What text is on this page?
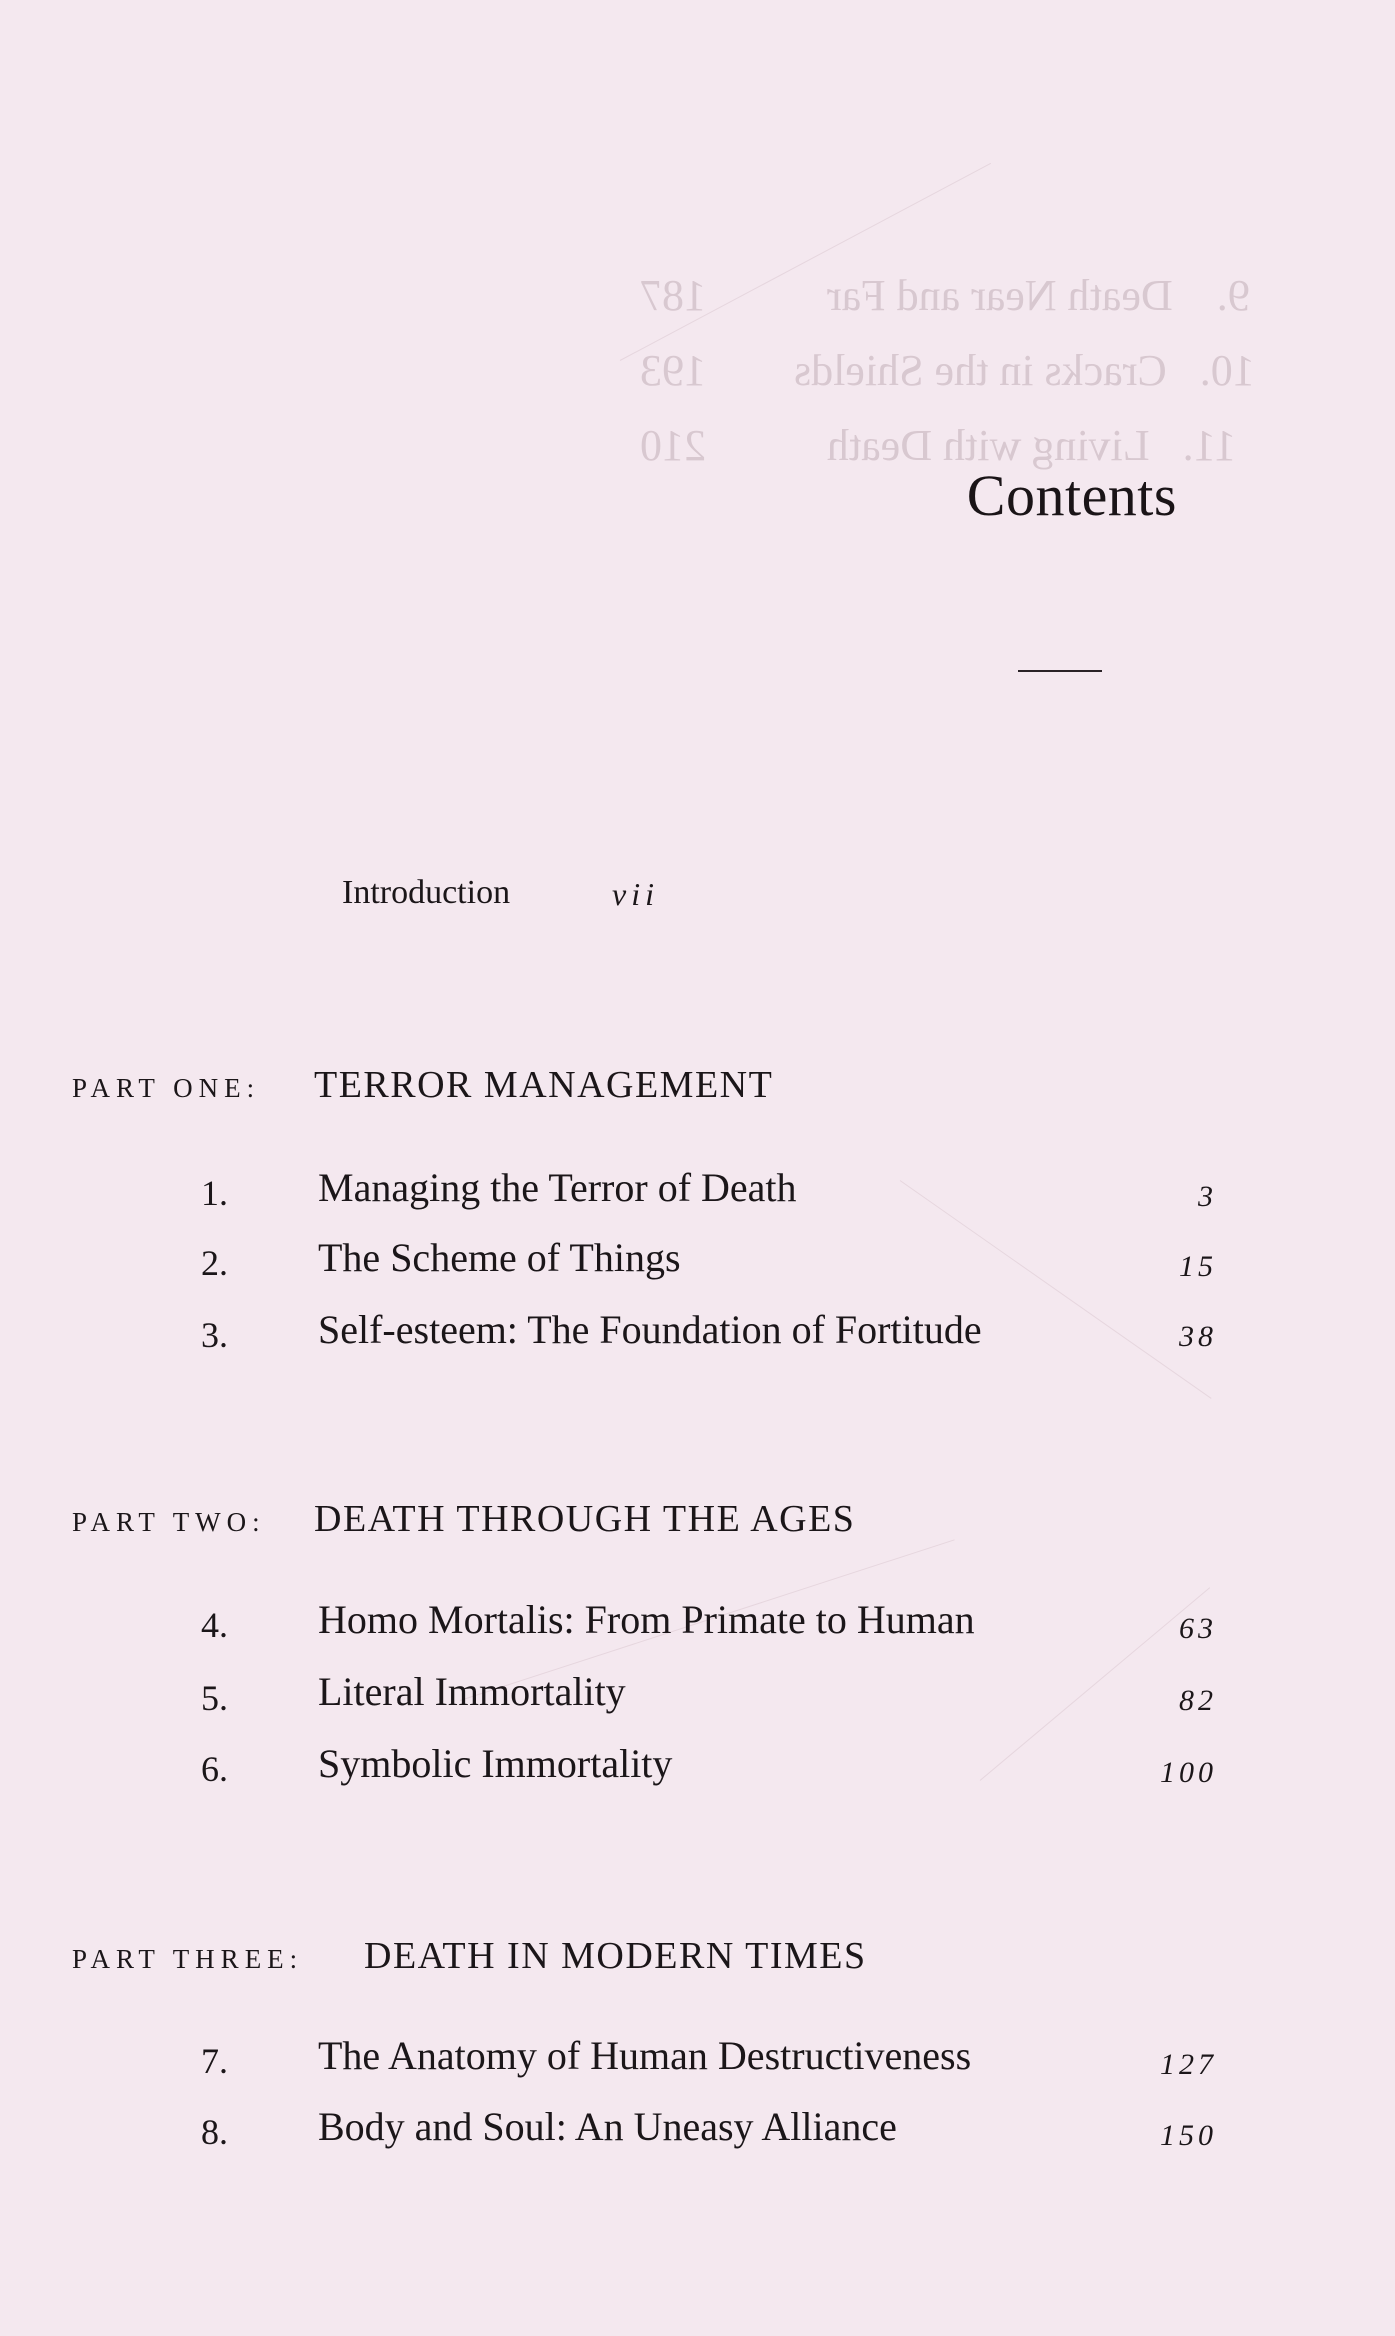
9.    Death Near and Far           187
10.   Cracks in the Shields        193
11.   Living with Death           210
Contents
Introduction	vii
PART ONE: TERROR MANAGEMENT
1. Managing the Terror of Death	3
2. The Scheme of Things	15
3. Self-esteem: The Foundation of Fortitude	38
PART TWO: DEATH THROUGH THE AGES
4. Homo Mortalis: From Primate to Human	63
5. Literal Immortality	82
6. Symbolic Immortality	100
PART THREE: DEATH IN MODERN TIMES
7. The Anatomy of Human Destructiveness	127
8. Body and Soul: An Uneasy Alliance	150
